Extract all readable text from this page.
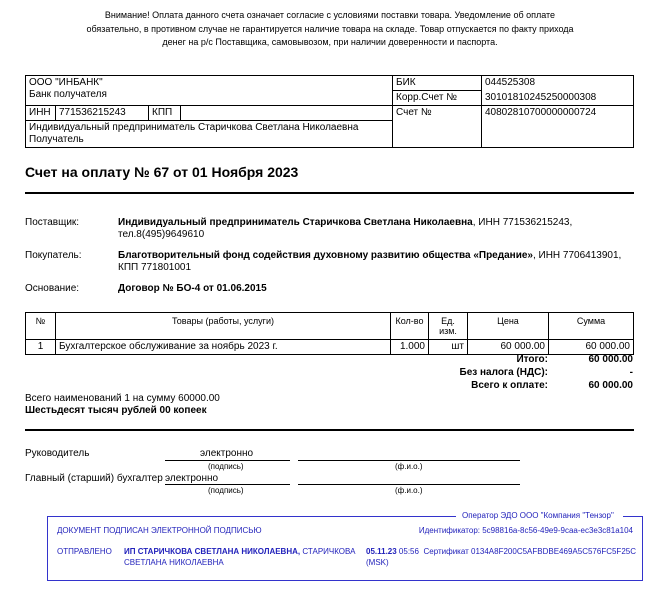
Внимание! Оплата данного счета означает согласие с условиями поставки товара. Уведомление об оплате
обязательно, в противном случае не гарантируется наличие товара на складе. Товар отпускается по факту прихода
денег на р/с Поставщика, самовывозом, при наличии доверенности и паспорта.
ООО "ИНБАНК"
Банк получателя				БИК	044525308
				Корр.Счет №	30101810245250000308
ИНН	771536215243	КПП		Счет №	40802810700000000724

Индивидуальный предприниматель Старичкова Светлана Николаевна
Получатель					
Счет на оплату № 67 от 01 Ноября 2023
Поставщик:	Индивидуальный предприниматель Старичкова Светлана Николаевна, ИНН 771536215243,
тел.8(495)9649610
Покупатель:	Благотворительный фонд содействия духовному развитию общества «Предание», ИНН 7706413901,
КПП 771801001
Основание:	Договор № БО-4 от 01.06.2015
№	Товары (работы, услуги)	Кол-во	Ед. изм.	Цена	Сумма
1	Бухгалтерское обслуживание за ноябрь 2023 г.	1.000	шт	60 000.00	60 000.00
Итого:	60 000.00
Без налога (НДС):	-
Всего к оплате:	60 000.00
Всего наименований 1 на сумму 60000.00
Шестьдесят тысяч рублей 00 копеек
Руководитель	электронно
(подпись)	(ф.и.о.)
Главный (старший) бухгалтер электронно
(подпись)	(ф.и.о.)
Оператор ЭДО ООО "Компания "Тензор"
ДОКУМЕНТ ПОДПИСАН ЭЛЕКТРОННОЙ ПОДПИСЬЮ	Идентификатор: 5c98816a-8c56-49e9-9caa-ec3e3c81a104
ОТПРАВЛЕНО ИП СТАРИЧКОВА СВЕТЛАНА НИКОЛАЕВНА, СТАРИЧКОВА
СВЕТЛАНА НИКОЛАЕВНА
05.11.23 05:56
(MSK)
Сертификат 0134A8F200C5AFBDBE469A5C576FC5F25C
